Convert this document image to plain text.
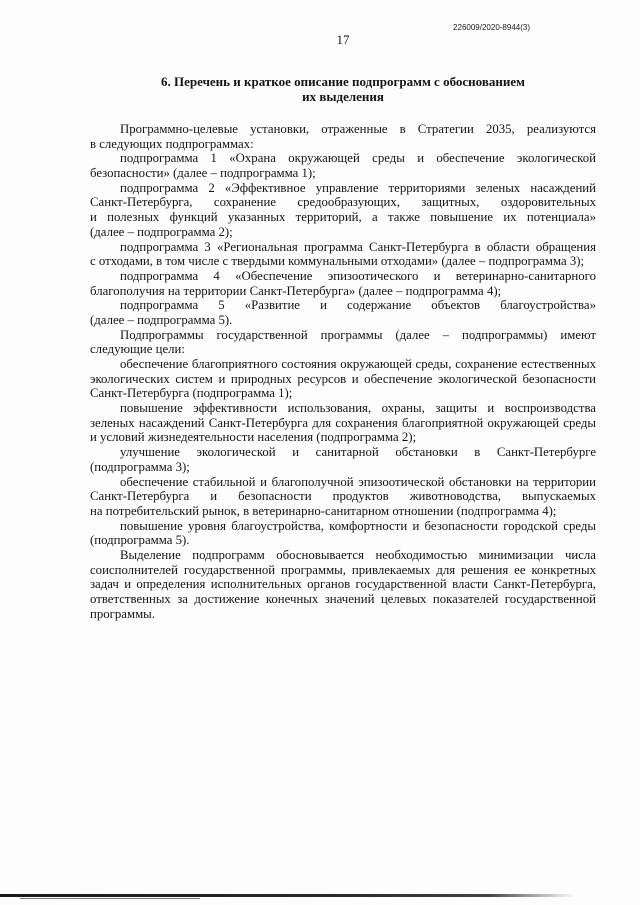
226009/2020-8944(3)
17
6. Перечень и краткое описание подпрограмм с обоснованием
их выделения
Программно-целевые установки, отраженные в Стратегии 2035, реализуются
в следующих подпрограммах:
подпрограмма 1 «Охрана окружающей среды и обеспечение экологической
безопасности» (далее – подпрограмма 1);
подпрограмма 2 «Эффективное управление территориями зеленых насаждений
Санкт-Петербурга, сохранение средообразующих, защитных, оздоровительных
и полезных функций указанных территорий, а также повышение их потенциала»
(далее – подпрограмма 2);
подпрограмма 3 «Региональная программа Санкт-Петербурга в области обращения
с отходами, в том числе с твердыми коммунальными отходами» (далее – подпрограмма 3);
подпрограмма 4 «Обеспечение эпизоотического и ветеринарно-санитарного
благополучия на территории Санкт-Петербурга» (далее – подпрограмма 4);
подпрограмма 5 «Развитие и содержание объектов благоустройства»
(далее – подпрограмма 5).
Подпрограммы государственной программы (далее – подпрограммы) имеют
следующие цели:
обеспечение благоприятного состояния окружающей среды, сохранение естественных
экологических систем и природных ресурсов и обеспечение экологической безопасности
Санкт-Петербурга (подпрограмма 1);
повышение эффективности использования, охраны, защиты и воспроизводства
зеленых насаждений Санкт-Петербурга для сохранения благоприятной окружающей среды
и условий жизнедеятельности населения (подпрограмма 2);
улучшение экологической и санитарной обстановки в Санкт-Петербурге
(подпрограмма 3);
обеспечение стабильной и благополучной эпизоотической обстановки на территории
Санкт-Петербурга и безопасности продуктов животноводства, выпускаемых
на потребительский рынок, в ветеринарно-санитарном отношении (подпрограмма 4);
повышение уровня благоустройства, комфортности и безопасности городской среды
(подпрограмма 5).
Выделение подпрограмм обосновывается необходимостью минимизации числа
соисполнителей государственной программы, привлекаемых для решения ее конкретных
задач и определения исполнительных органов государственной власти Санкт-Петербурга,
ответственных за достижение конечных значений целевых показателей государственной
программы.
